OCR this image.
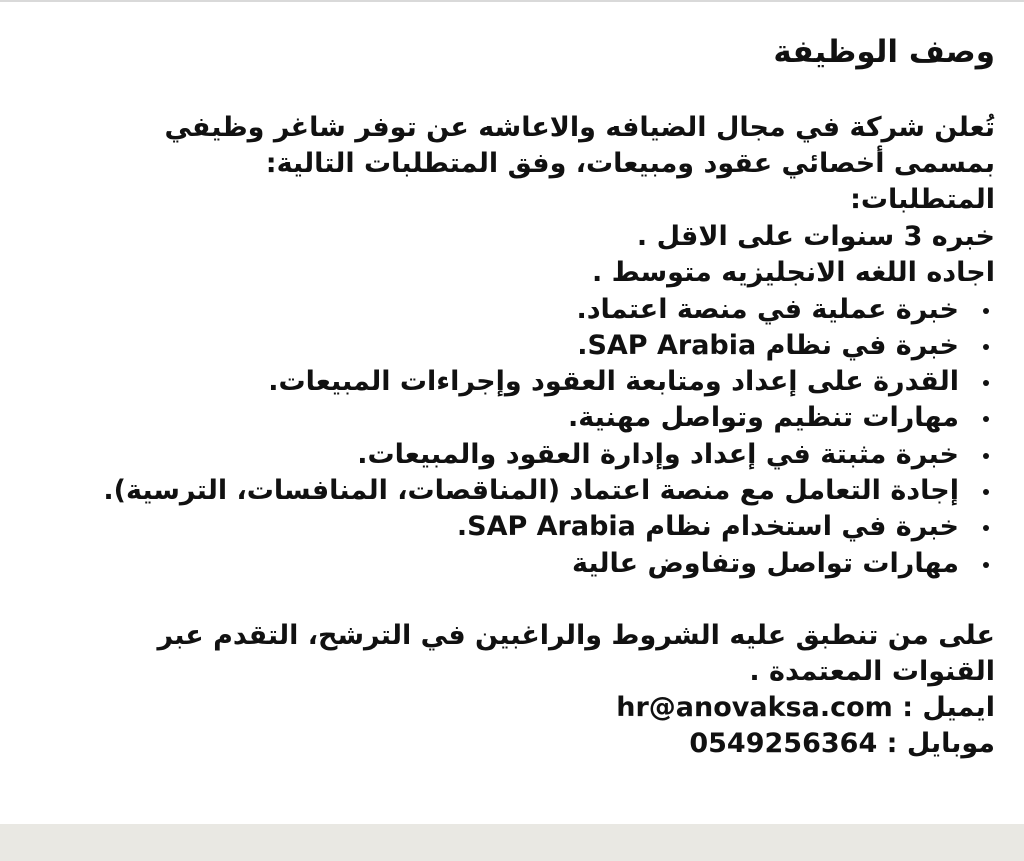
وصف الوظيفة

تُعلن شركة في مجال الضيافه والاعاشه عن توفر شاغر وظيفي بمسمى أخصائي عقود ومبيعات، وفق المتطلبات التالية:

المتطلبات:
خبره 3 سنوات على الاقل .
اجاده اللغه الانجليزيه متوسط .
خبرة عملية في منصة اعتماد.
خبرة في نظام SAP Arabia.
القدرة على إعداد ومتابعة العقود وإجراءات المبيعات.
مهارات تنظيم وتواصل مهنية.
خبرة مثبتة في إعداد وإدارة العقود والمبيعات.
إجادة التعامل مع منصة اعتماد (المناقصات، المنافسات، الترسية).
خبرة في استخدام نظام SAP Arabia.
مهارات تواصل وتفاوض عالية

على من تنطبق عليه الشروط والراغبين في الترشح، التقدم عبر القنوات المعتمدة .

ايميل : hr@anovaksa.com
موبايل : 0549256364
